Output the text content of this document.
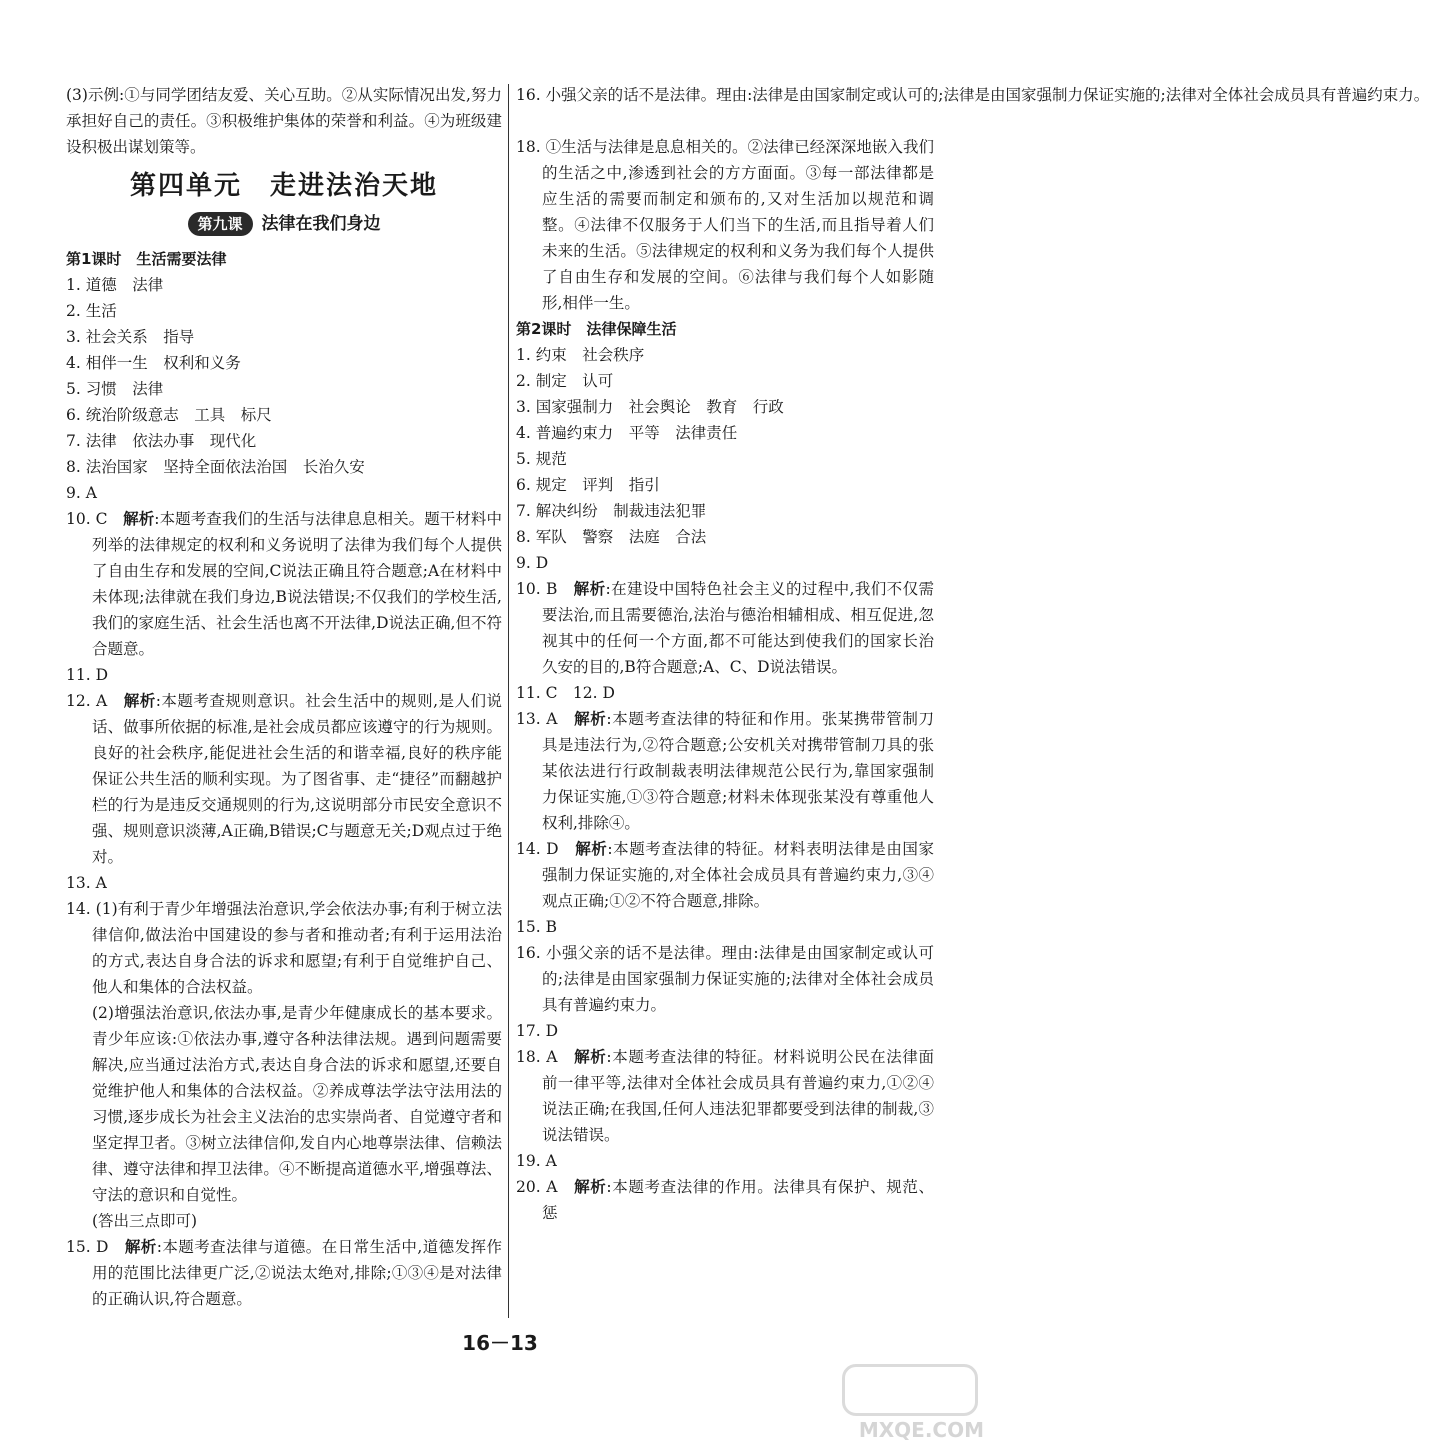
(3)示例:①与同学团结友爱、关心互助。②从实际情况出发,努力承担好自己的责任。③积极维护集体的荣誉和利益。④为班级建设积极出谋划策等。

第四单元　走进法治天地
第九课 法律在我们身边

第1课时　生活需要法律

1. 道德　法律

2. 生活

3. 社会关系　指导

4. 相伴一生　权利和义务

5. 习惯　法律

6. 统治阶级意志　工具　标尺

7. 法律　依法办事　现代化

8. 法治国家　坚持全面依法治国　长治久安

9. A

10. C　 解析:本题考查我们的生活与法律息息相关。题干材料中列举的法律规定的权利和义务说明了法律为我们每个人提供了自由生存和发展的空间,C说法正确且符合题意;A在材料中未体现;法律就在我们身边,B说法错误;不仅我们的学校生活,我们的家庭生活、社会生活也离不开法律,D说法正确,但不符合题意。

11. D

12. A　 解析:本题考查规则意识。社会生活中的规则,是人们说话、做事所依据的标准,是社会成员都应该遵守的行为规则。良好的社会秩序,能促进社会生活的和谐幸福,良好的秩序能保证公共生活的顺利实现。为了图省事、走“捷径”而翻越护栏的行为是违反交通规则的行为,这说明部分市民安全意识不强、规则意识淡薄,A正确,B错误;C与题意无关;D观点过于绝对。

13. A

14. (1)有利于青少年增强法治意识,学会依法办事;有利于树立法律信仰,做法治中国建设的参与者和推动者;有利于运用法治的方式,表达自身合法的诉求和愿望;有利于自觉维护自己、他人和集体的合法权益。

(2)增强法治意识,依法办事,是青少年健康成长的基本要求。青少年应该:①依法办事,遵守各种法律法规。遇到问题需要解决,应当通过法治方式,表达自身合法的诉求和愿望,还要自觉维护他人和集体的合法权益。②养成尊法学法守法用法的习惯,逐步成长为社会主义法治的忠实崇尚者、自觉遵守者和坚定捍卫者。③树立法律信仰,发自内心地尊崇法律、信赖法律、遵守法律和捍卫法律。④不断提高道德水平,增强尊法、守法的意识和自觉性。

(答出三点即可)

15. D　 解析:本题考查法律与道德。在日常生活中,道德发挥作用的范围比法律更广泛,②说法太绝对,排除;①③④是对法律的正确认识,符合题意。

16. 小强父亲的话不是法律。理由:法律是由国家制定或认可的;法律是由国家强制力保证实施的;法律对全体社会成员具有普遍约束力。

18. ①生活与法律是息息相关的。②法律已经深深地嵌入我们的生活之中,渗透到社会的方方面面。③每一部法律都是应生活的需要而制定和颁布的,又对生活加以规范和调整。④法律不仅服务于人们当下的生活,而且指导着人们未来的生活。⑤法律规定的权利和义务为我们每个人提供了自由生存和发展的空间。⑥法律与我们每个人如影随形,相伴一生。

第2课时　法律保障生活

1. 约束　社会秩序

2. 制定　认可

3. 国家强制力　社会舆论　教育　行政

4. 普遍约束力　平等　法律责任

5. 规范

6. 规定　评判　指引

7. 解决纠纷　制裁违法犯罪

8. 军队　警察　法庭　合法

9. D

10. B　 解析:在建设中国特色社会主义的过程中,我们不仅需要法治,而且需要德治,法治与德治相辅相成、相互促进,忽视其中的任何一个方面,都不可能达到使我们的国家长治久安的目的,B符合题意;A、C、D说法错误。

11. C　12. D

13. A　 解析:本题考查法律的特征和作用。张某携带管制刀具是违法行为,②符合题意;公安机关对携带管制刀具的张某依法进行行政制裁表明法律规范公民行为,靠国家强制力保证实施,①③符合题意;材料未体现张某没有尊重他人权利,排除④。

14. D　 解析:本题考查法律的特征。材料表明法律是由国家强制力保证实施的,对全体社会成员具有普遍约束力,③④观点正确;①②不符合题意,排除。

15. B

16. 小强父亲的话不是法律。理由:法律是由国家制定或认可的;法律是由国家强制力保证实施的;法律对全体社会成员具有普遍约束力。

17. D

18. A　 解析:本题考查法律的特征。材料说明公民在法律面前一律平等,法律对全体社会成员具有普遍约束力,①②④说法正确;在我国,任何人违法犯罪都要受到法律的制裁,③说法错误。

19. A

20. A　 解析:本题考查法律的作用。法律具有保护、规范、惩

16－13
MXQE.COM
